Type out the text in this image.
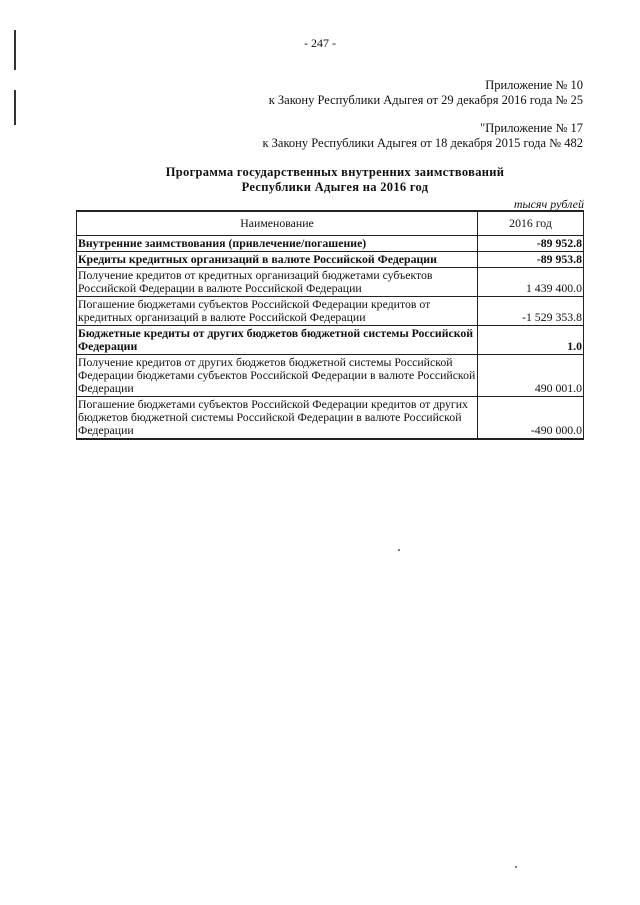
- 247 -
Приложение № 10
к Закону Республики Адыгея от 29 декабря 2016 года № 25
"Приложение № 17
к Закону Республики Адыгея от 18 декабря 2015 года № 482
Программа государственных внутренних заимствований
Республики Адыгея на 2016 год
тысяч рублей
Наименование	2016 год
Внутренние заимствования (привлечение/погашение)	-89 952.8
Кредиты кредитных организаций в валюте Российской Федерации	-89 953.8
Получение кредитов от кредитных организаций бюджетами субъектов Российской Федерации в валюте Российской Федерации	1 439 400.0
Погашение бюджетами субъектов Российской Федерации кредитов от кредитных организаций в валюте Российской Федерации	-1 529 353.8
Бюджетные кредиты от других бюджетов бюджетной системы Российской Федерации	1.0
Получение кредитов от других бюджетов бюджетной системы Российской Федерации бюджетами субъектов Российской Федерации в валюте Российской Федерации	490 001.0
Погашение бюджетами субъектов Российской Федерации кредитов от других бюджетов бюджетной системы Российской Федерации в валюте Российской Федерации	-490 000.0
